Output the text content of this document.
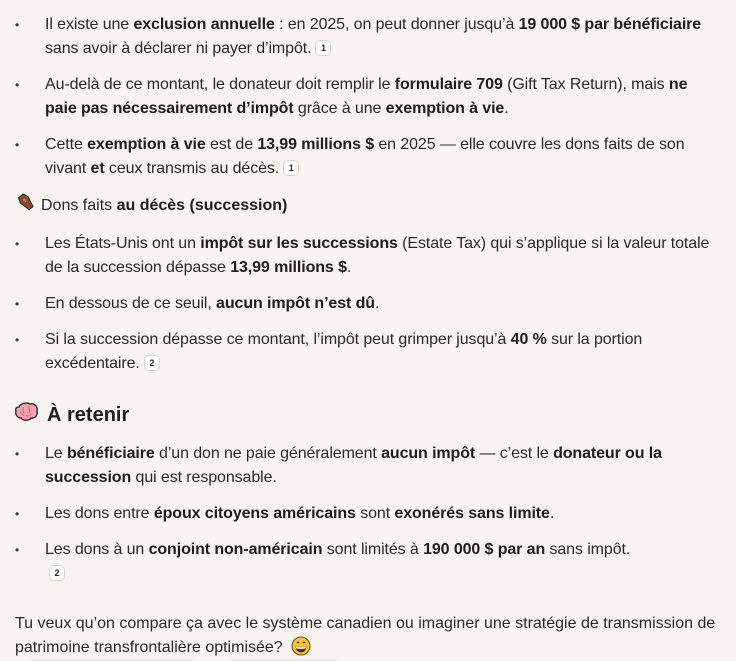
•	Il existe une exclusion annuelle : en 2025, on peut donner jusqu’à 19 000 $ par bénéficiaire sans avoir à déclarer ni payer d’impôt. 1
•	Au-delà de ce montant, le donateur doit remplir le formulaire 709 (Gift Tax Return), mais ne paie pas nécessairement d’impôt grâce à une exemption à vie.
•	Cette exemption à vie est de 13,99 millions $ en 2025 — elle couvre les dons faits de son vivant et ceux transmis au décès. 1
Dons faits au décès (succession)
•	Les États-Unis ont un impôt sur les successions (Estate Tax) qui s’applique si la valeur totale de la succession dépasse 13,99 millions $.
•	En dessous de ce seuil, aucun impôt n’est dû.
•	Si la succession dépasse ce montant, l’impôt peut grimper jusqu’à 40 % sur la portion excédentaire. 2
À retenir
•	Le bénéficiaire d’un don ne paie généralement aucun impôt — c’est le donateur ou la succession qui est responsable.
•	Les dons entre époux citoyens américains sont exonérés sans limite.
•	Les dons à un conjoint non-américain sont limités à 190 000 $ par an sans impôt.
2
Tu veux qu’on compare ça avec le système canadien ou imaginer une stratégie de transmission de patrimoine transfrontalière optimisée?
